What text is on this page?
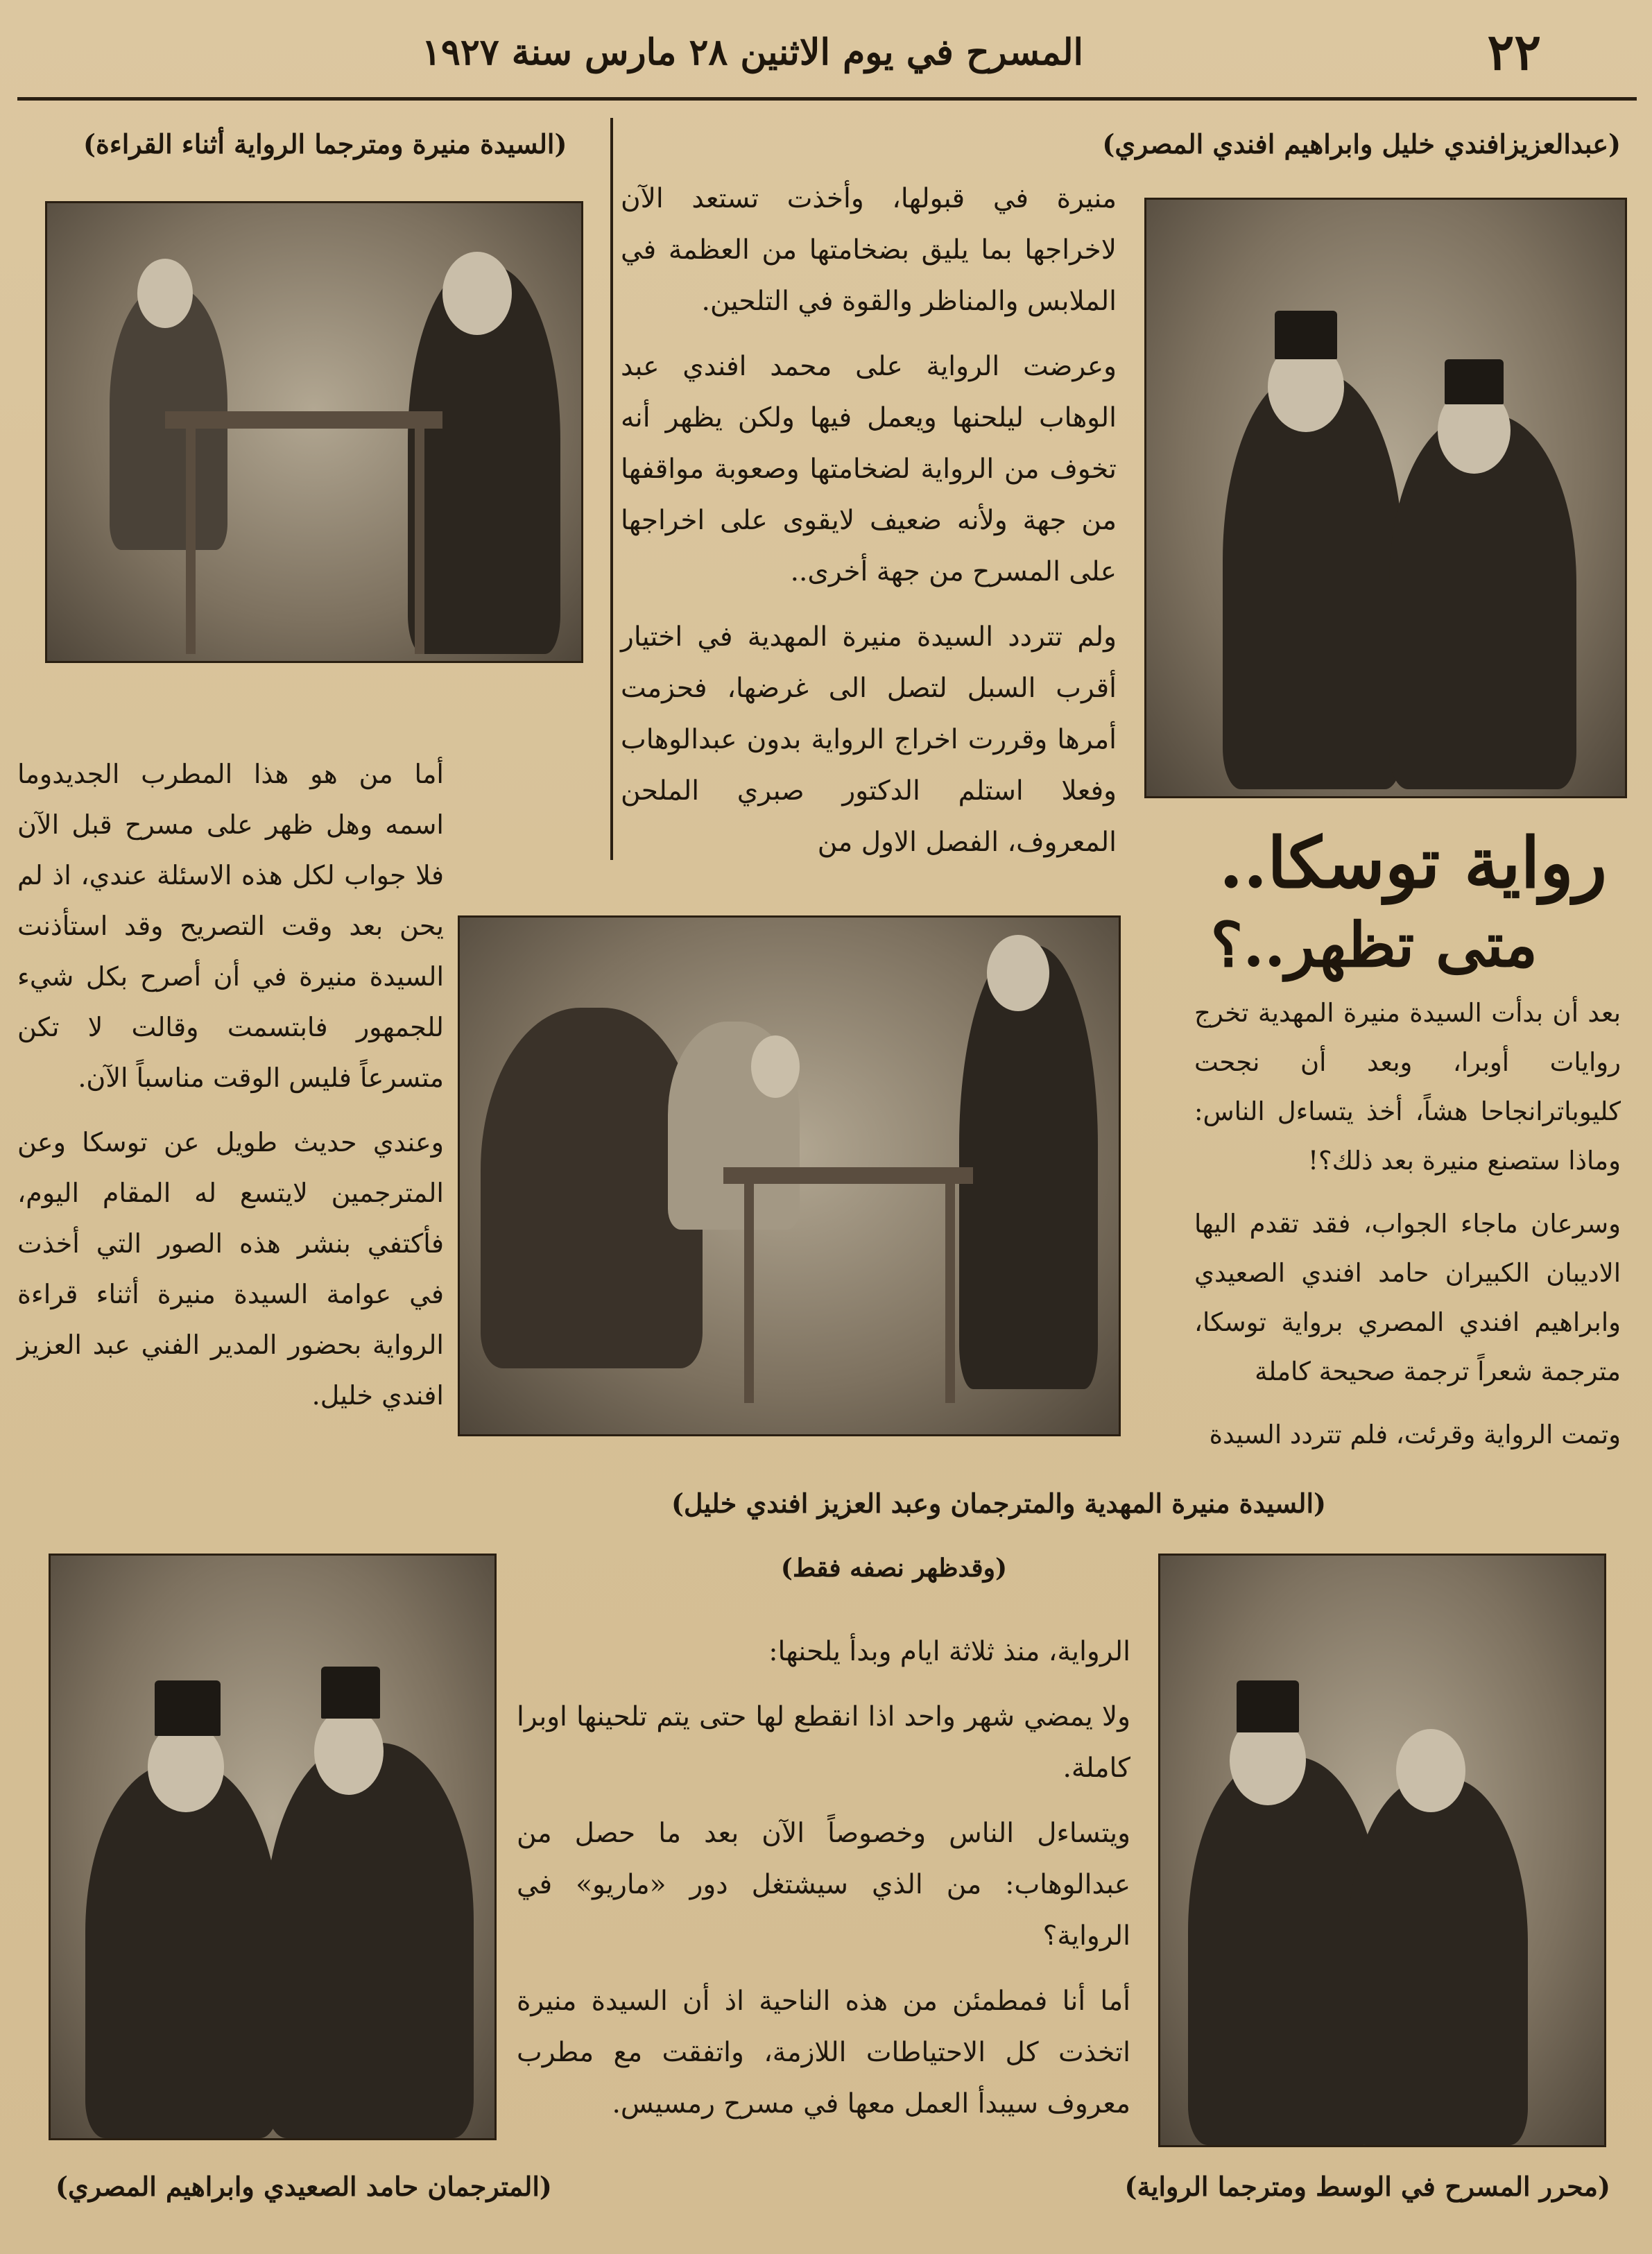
٢٢
المسرح في يوم الاثنين ٢٨ مارس سنة ١٩٢٧
(عبدالعزيزافندي خليل وابراهيم افندي المصري)
(السيدة منيرة ومترجما الرواية أثناء القراءة)

منيرة في قبولها، وأخذت تستعد الآن لاخراجها بما يليق بضخامتها من العظمة في الملابس والمناظر والقوة في التلحين.

وعرضت الرواية على محمد افندي عبد الوهاب ليلحنها ويعمل فيها ولكن يظهر أنه تخوف من الرواية لضخامتها وصعوبة مواقفها من جهة ولأنه ضعيف لايقوى على اخراجها على المسرح من جهة أخرى..

ولم تتردد السيدة منيرة المهدية في اختيار أقرب السبل لتصل الى غرضها، فحزمت أمرها وقررت اخراج الرواية بدون عبدالوهاب وفعلا استلم الدكتور صبري الملحن المعروف، الفصل الاول من رواية توسكا..
متى تظهر..؟

بعد أن بدأت السيدة منيرة المهدية تخرج روايات أوبرا، وبعد أن نجحت كليوباترانجاحا هشاً، أخذ يتساءل الناس: وماذا ستصنع منيرة بعد ذلك؟!

وسرعان ماجاء الجواب، فقد تقدم اليها الاديبان الكبيران حامد افندي الصعيدي وابراهيم افندي المصري برواية توسكا، مترجمة شعراً ترجمة صحيحة كاملة

وتمت الرواية وقرئت، فلم تتردد السيدة

أما من هو هذا المطرب الجديدوما اسمه وهل ظهر على مسرح قبل الآن فلا جواب لكل هذه الاسئلة عندي، اذ لم يحن بعد وقت التصريح وقد استأذنت السيدة منيرة في أن أصرح بكل شيء للجمهور فابتسمت وقالت لا تكن متسرعاً فليس الوقت مناسباً الآن.

وعندي حديث طويل عن توسكا وعن المترجمين لايتسع له المقام اليوم، فأكتفي بنشر هذه الصور التي أخذت في عوامة السيدة منيرة أثناء قراءة الرواية بحضور المدير الفني عبد العزيز افندي خليل.

(السيدة منيرة المهدية والمترجمان وعبد العزيز افندي خليل)
(وقدظهر نصفه فقط)

الرواية، منذ ثلاثة ايام وبدأ يلحنها:

ولا يمضي شهر واحد اذا انقطع لها حتى يتم تلحينها اوبرا كاملة.

ويتساءل الناس وخصوصاً الآن بعد ما حصل من عبدالوهاب: من الذي سيشتغل دور «ماريو» في الرواية؟

أما أنا فمطمئن من هذه الناحية اذ أن السيدة منيرة اتخذت كل الاحتياطات اللازمة، واتفقت مع مطرب معروف سيبدأ العمل معها في مسرح رمسيس.

(محرر المسرح في الوسط ومترجما الرواية)
(المترجمان حامد الصعيدي وابراهيم المصري)
